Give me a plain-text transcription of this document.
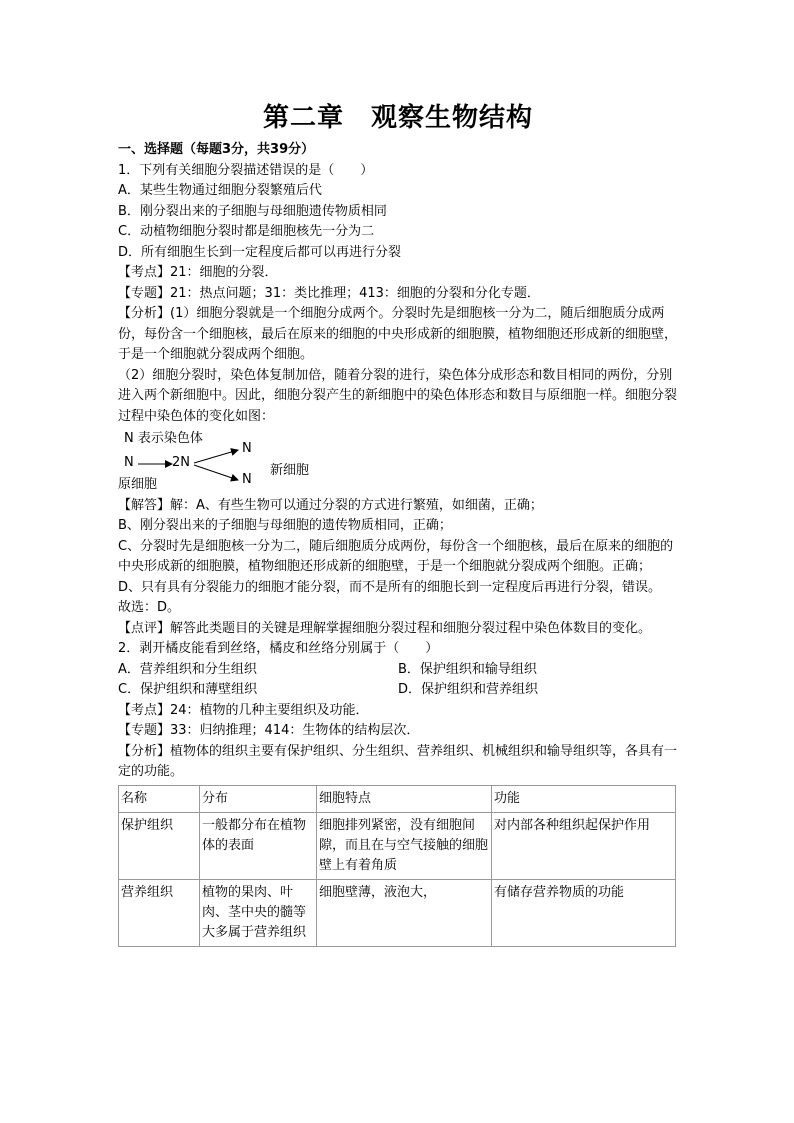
第二章　观察生物结构
一、选择题（每题3分，共39分）
1．下列有关细胞分裂描述错误的是（　　）
A．某些生物通过细胞分裂繁殖后代
B．刚分裂出来的子细胞与母细胞遗传物质相同
C．动植物细胞分裂时都是细胞核先一分为二
D．所有细胞生长到一定程度后都可以再进行分裂
【考点】21：细胞的分裂．
【专题】21：热点问题；31：类比推理；413：细胞的分裂和分化专题．
【分析】(1）细胞分裂就是一个细胞分成两个。分裂时先是细胞核一分为二，随后细胞质分成两份，每份含一个细胞核，最后在原来的细胞的中央形成新的细胞膜，植物细胞还形成新的细胞壁，于是一个细胞就分裂成两个细胞。
（2）细胞分裂时，染色体复制加倍，随着分裂的进行，染色体分成形态和数目相同的两份，分别进入两个新细胞中。因此，细胞分裂产生的新细胞中的染色体形态和数目与原细胞一样。细胞分裂过程中染色体的变化如图：
N 表示染色体
N	2N
N
N
新细胞
原细胞
【解答】解：A、有些生物可以通过分裂的方式进行繁殖，如细菌，正确；
B、刚分裂出来的子细胞与母细胞的遗传物质相同，正确；
C、分裂时先是细胞核一分为二，随后细胞质分成两份，每份含一个细胞核，最后在原来的细胞的中央形成新的细胞膜，植物细胞还形成新的细胞壁，于是一个细胞就分裂成两个细胞。正确；
D、只有具有分裂能力的细胞才能分裂，而不是所有的细胞长到一定程度后再进行分裂，错误。
故选：D。
【点评】解答此类题目的关键是理解掌握细胞分裂过程和细胞分裂过程中染色体数目的变化。
2．剥开橘皮能看到丝络，橘皮和丝络分别属于（　　）
A．营养组织和分生组织	B．保护组织和输导组织
C．保护组织和薄壁组织	D．保护组织和营养组织
【考点】24：植物的几种主要组织及功能．
【专题】33：归纳推理；414：生物体的结构层次．
【分析】植物体的组织主要有保护组织、分生组织、营养组织、机械组织和输导组织等，各具有一定的功能。
名称	分布	细胞特点	功能
保护组织	一般都分布在植物体的表面	细胞排列紧密，没有细胞间隙，而且在与空气接触的细胞壁上有着角质	对内部各种组织起保护作用
营养组织	植物的果肉、叶肉、茎中央的髓等大多属于营养组织	细胞壁薄，液泡大，	有储存营养物质的功能
